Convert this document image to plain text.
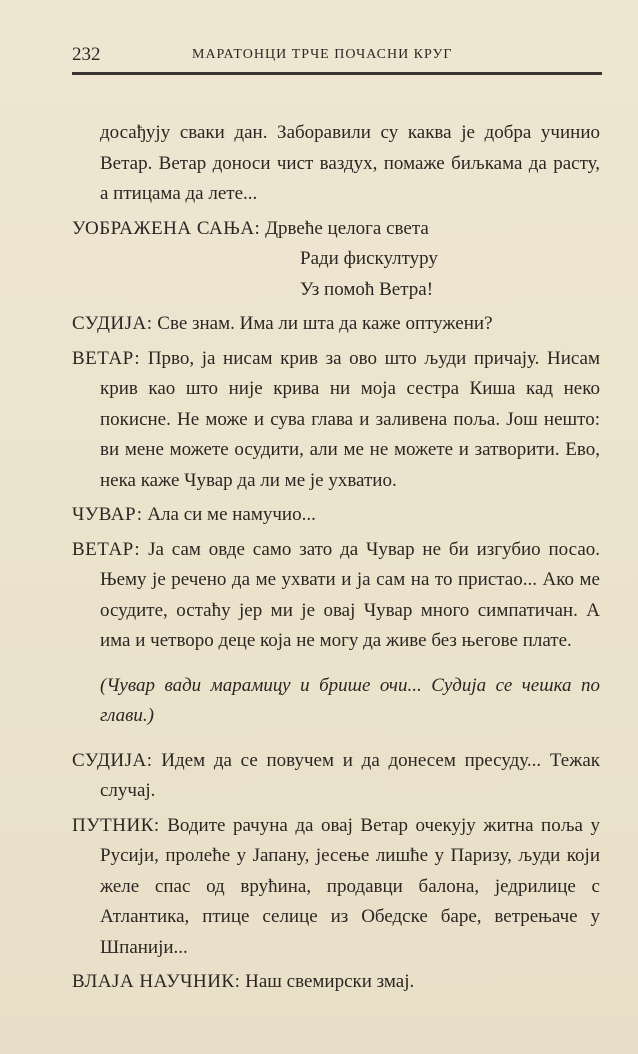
232	МАРАТОНЦИ ТРЧЕ ПОЧАСНИ КРУГ

досађују сваки дан. Заборавили су каква је добра учинио Ветар. Ветар доноси чист ваздух, помаже биљкама да расту, а птицама да лете...

УОБРАЖЕНА САЊА: Дрвеће целога света

Ради фискултуру

Уз помоћ Ветра!

СУДИЈА: Све знам. Има ли шта да каже оптужени?

ВЕТАР: Прво, ја нисам крив за ово што људи причају. Нисам крив као што није крива ни моја сестра Киша кад неко покисне. Не може и сува глава и заливена поља. Још нешто: ви мене можете осудити, али ме не можете и затворити. Ево, нека каже Чувар да ли ме је ухватио.

ЧУВАР: Ала си ме намучио...

ВЕТАР: Ја сам овде само зато да Чувар не би изгубио посао. Њему је речено да ме ухвати и ја сам на то пристао... Ако ме осудите, остаћу јер ми је овај Чувар много симпатичан. А има и четворо деце која не могу да живе без његове плате.

(Чувар вади марамицу и брише очи... Судија се чешка по глави.)

СУДИЈА: Идем да се повучем и да донесем пресуду... Тежак случај.

ПУТНИК: Водите рачуна да овај Ветар очекују житна поља у Русији, пролеће у Јапану, јесење лишће у Паризу, људи који желе спас од врућина, продавци балона, једрилице с Атлантика, птице селице из Обедске баре, ветрењаче у Шпанији...

ВЛАЈА НАУЧНИК: Наш свемирски змај.
